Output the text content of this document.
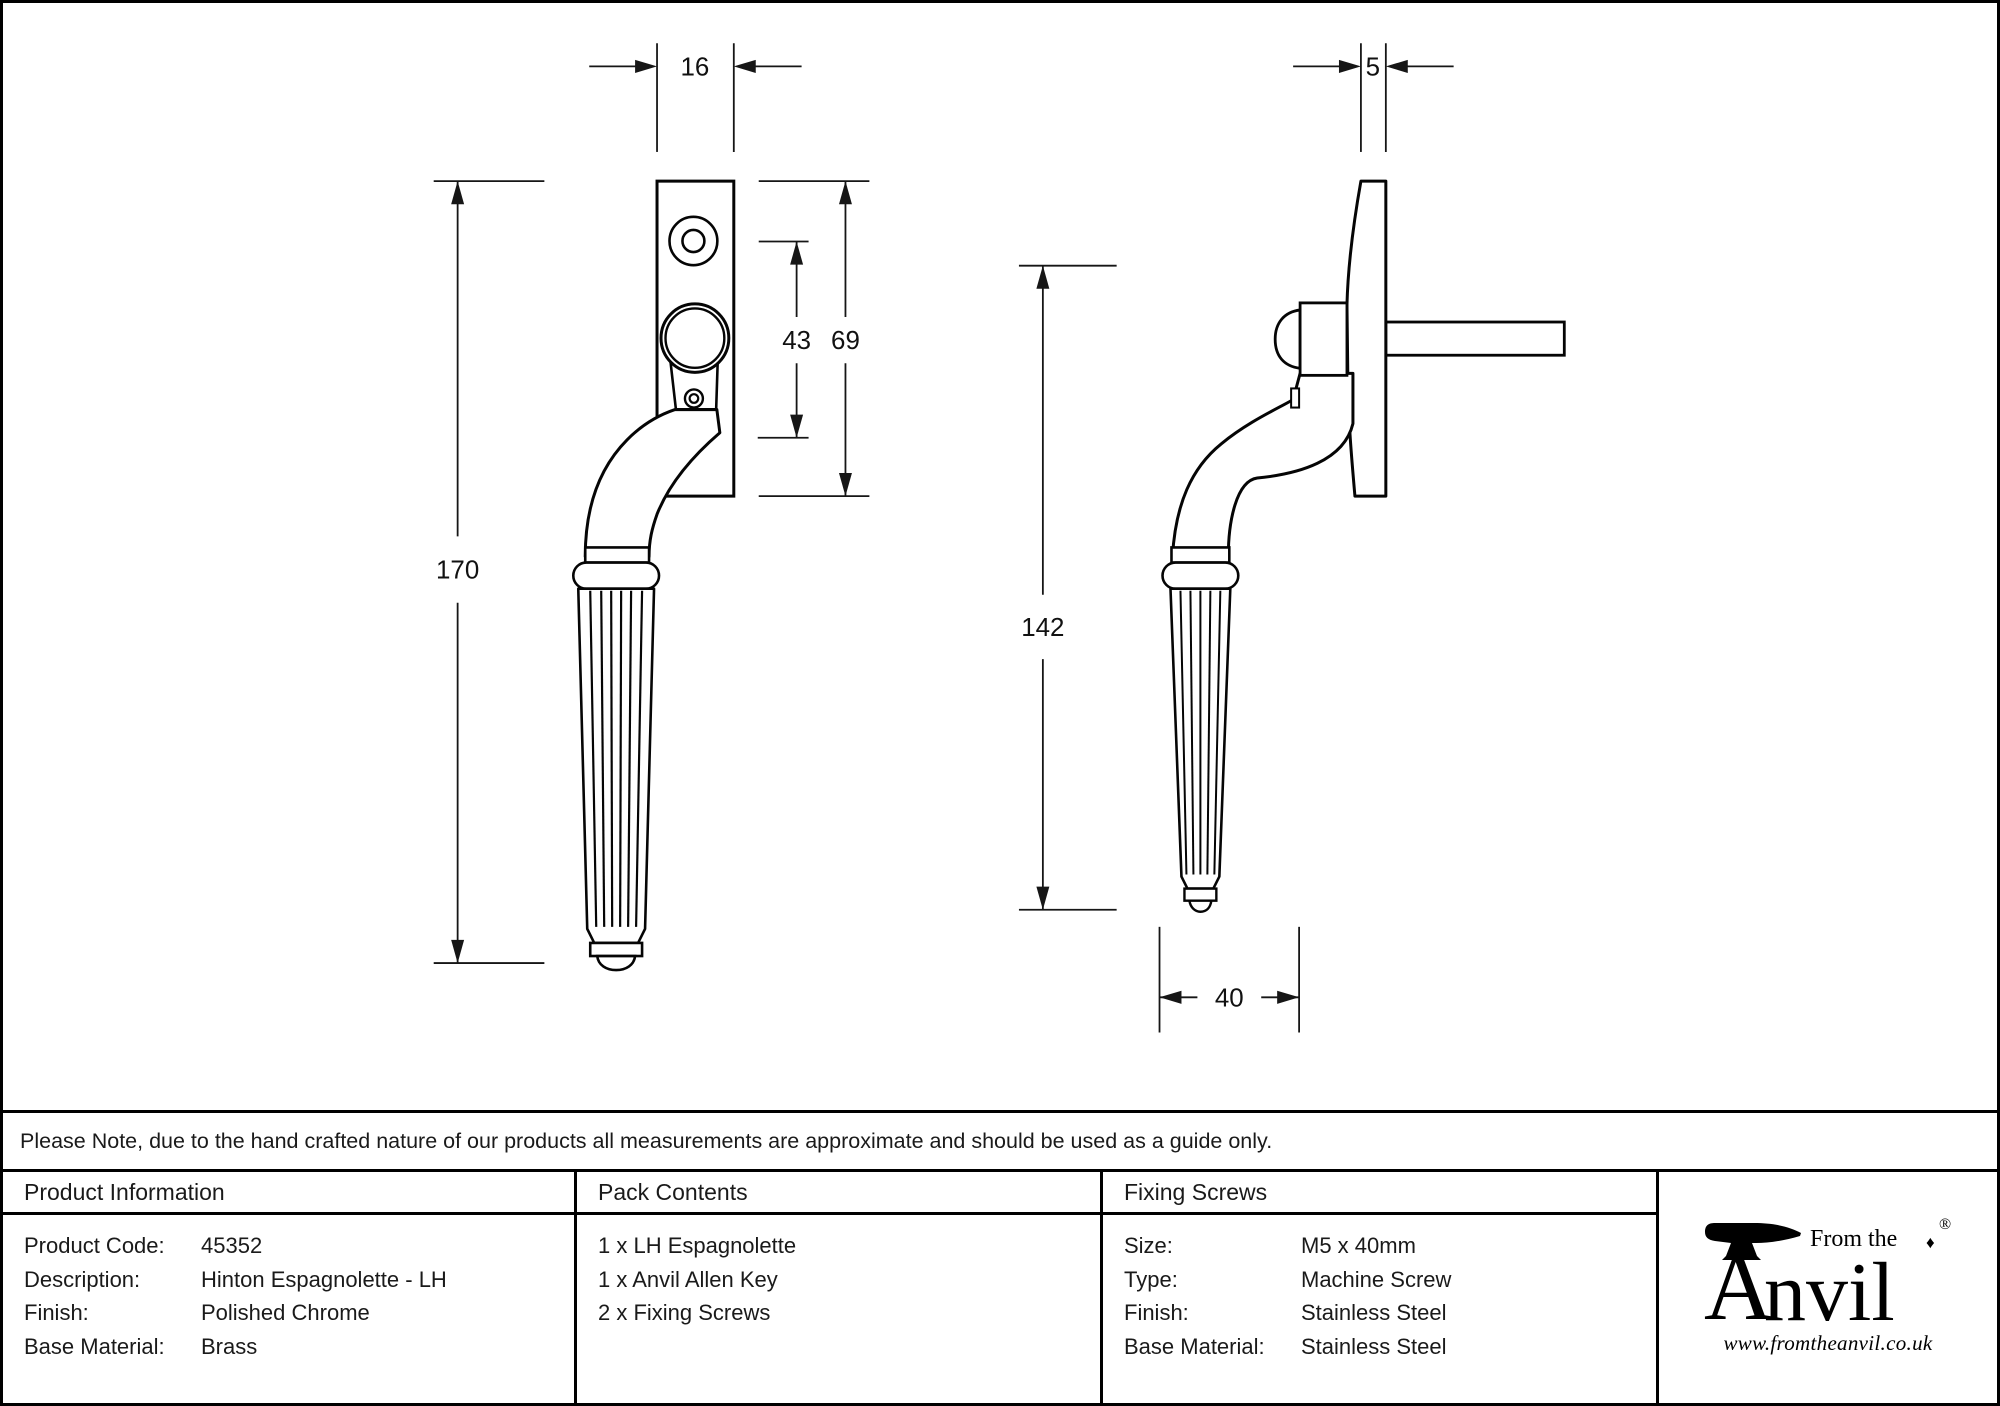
16
170
43 69
5
142
40
Please Note, due to the hand crafted nature of our products all measurements are approximate and should be used as a guide only.
Product Information
Product Code:	45352
Description:	Hinton Espagnolette - LH
Finish:	Polished Chrome
Base Material:	Brass
Pack Contents
1 x LH Espagnolette
1 x Anvil Allen Key
2 x Fixing Screws
Fixing Screws
Size:	M5 x 40mm
Type:	Machine Screw
Finish:	Stainless Steel
Base Material:	Stainless Steel
A
nvil
From the ♦
®
www.fromtheanvil.co.uk
